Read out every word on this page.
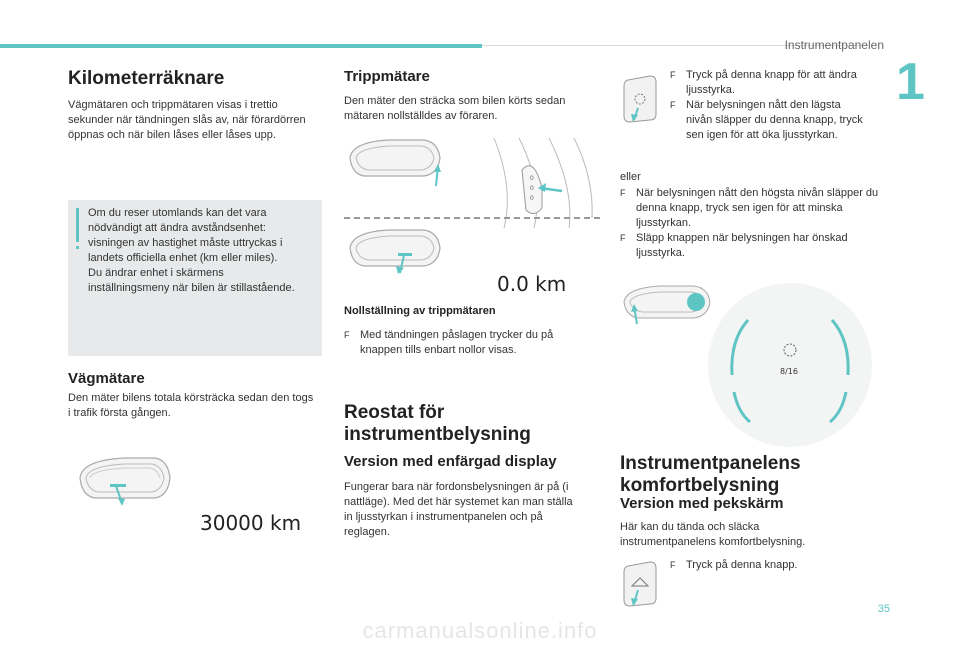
Instrumentpanelen
1
Kilometerräknare

Vägmätaren och trippmätaren visas i trettio sekunder när tändningen slås av, när förardörren öppnas och när bilen låses eller låses upp.

Om du reser utomlands kan det vara
nödvändigt att ändra avståndsenhet:
visningen av hastighet måste uttryckas i
landets officiella enhet (km eller miles).
Du ändrar enhet i skärmens
inställningsmeny när bilen är stillastående.
Vägmätare

Den mäter bilens totala körsträcka sedan den togs i trafik första gången.

30000 km
Trippmätare

Den mäter den sträcka som bilen körts sedan mätaren nollställdes av föraren.

0
0
0
0.0 km
Nollställning av trippmätaren
F Med tändningen påslagen trycker du på knappen tills enbart nollor visas.
Reostat för instrumentbelysning
Version med enfärgad display

Fungerar bara när fordonsbelysningen är på (i nattläge). Med det här systemet kan man ställa in ljusstyrkan i instrumentpanelen och på reglagen.

F Tryck på denna knapp för att ändra ljusstyrka.
F När belysningen nått den lägsta nivån släpper du denna knapp, tryck sen igen för att öka ljusstyrkan.
eller
F När belysningen nått den högsta nivån släpper du denna knapp, tryck sen igen för att minska ljusstyrkan.
F Släpp knappen när belysningen har önskad ljusstyrka.
8/16
Instrumentpanelens komfortbelysning
Version med pekskärm

Här kan du tända och släcka instrumentpanelens komfortbelysning.

F Tryck på denna knapp.
35
carmanualsonline.info
